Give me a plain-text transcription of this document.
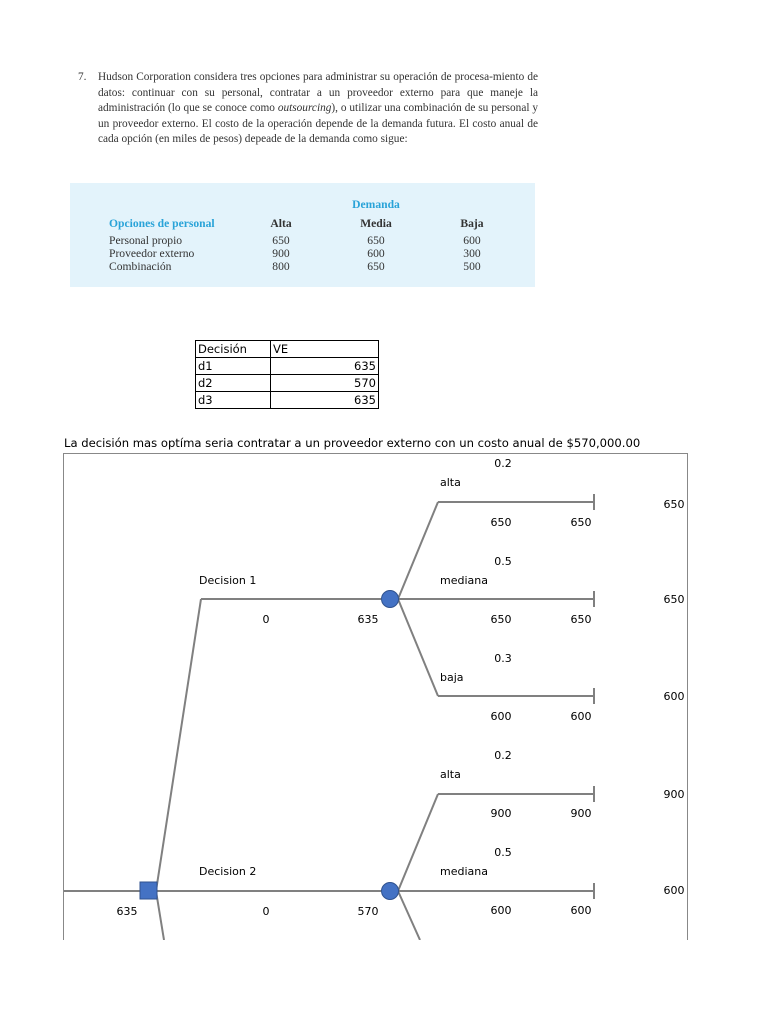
7. Hudson Corporation considera tres opciones para administrar su operación de procesa-miento de datos: continuar con su personal, contratar a un proveedor externo para que maneje la administración (lo que se conoce como outsourcing), o utilizar una combinación de su personal y un proveedor externo. El costo de la operación depende de la demanda futura. El costo anual de cada opción (en miles de pesos) depeade de la demanda como sigue:
Demanda
Opciones de personal	Alta	Media	Baja
Personal propio	650	650	600
Proveedor externo	900	600	300
Combinación	800	650	500
Decisión	VE
d1	635
d2	570
d3	635
La decisión mas optíma seria contratar a un proveedor externo con un costo anual de $570,000.00
635
Decision 1
0	635
0.2
alta
650	650
650
0.5
mediana
650	650
650
0.3
baja
600	600
600
0.2
alta
900	900
900
Decision 2
0	570
0.5
mediana
600	600
600
